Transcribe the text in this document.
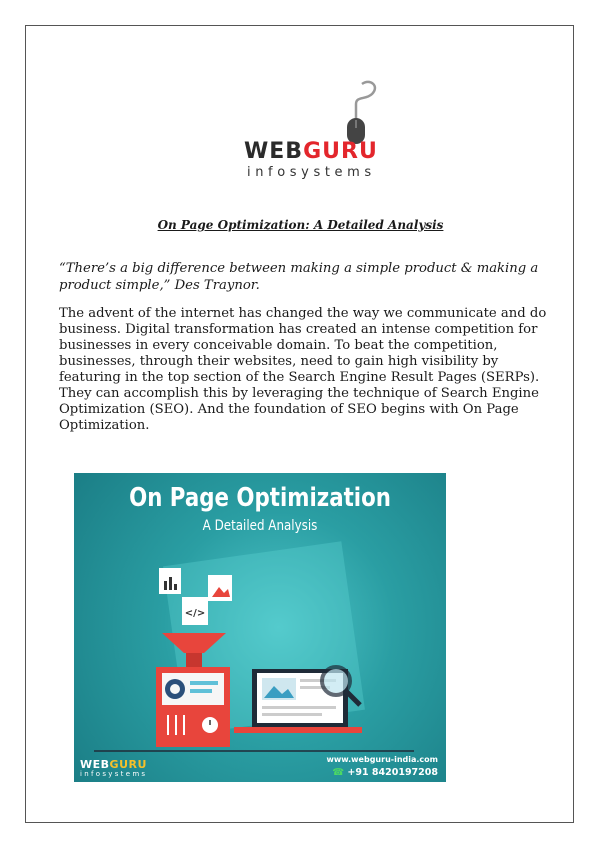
WEBGURU
infosystems
On Page Optimization: A Detailed Analysis
“There’s a big difference between making a simple product & making a product simple,” Des Traynor.
The advent of the internet has changed the way we communicate and do business. Digital transformation has created an intense competition for businesses in every conceivable domain. To beat the competition, businesses, through their websites, need to gain high visibility by featuring in the top section of the Search Engine Result Pages (SERPs). They can accomplish this by leveraging the technique of Search Engine Optimization (SEO). And the foundation of SEO begins with On Page Optimization.
</>
On Page Optimization
A Detailed Analysis
WEBGURU
infosystems
www.webguru-india.com
☎ +91 8420197208
